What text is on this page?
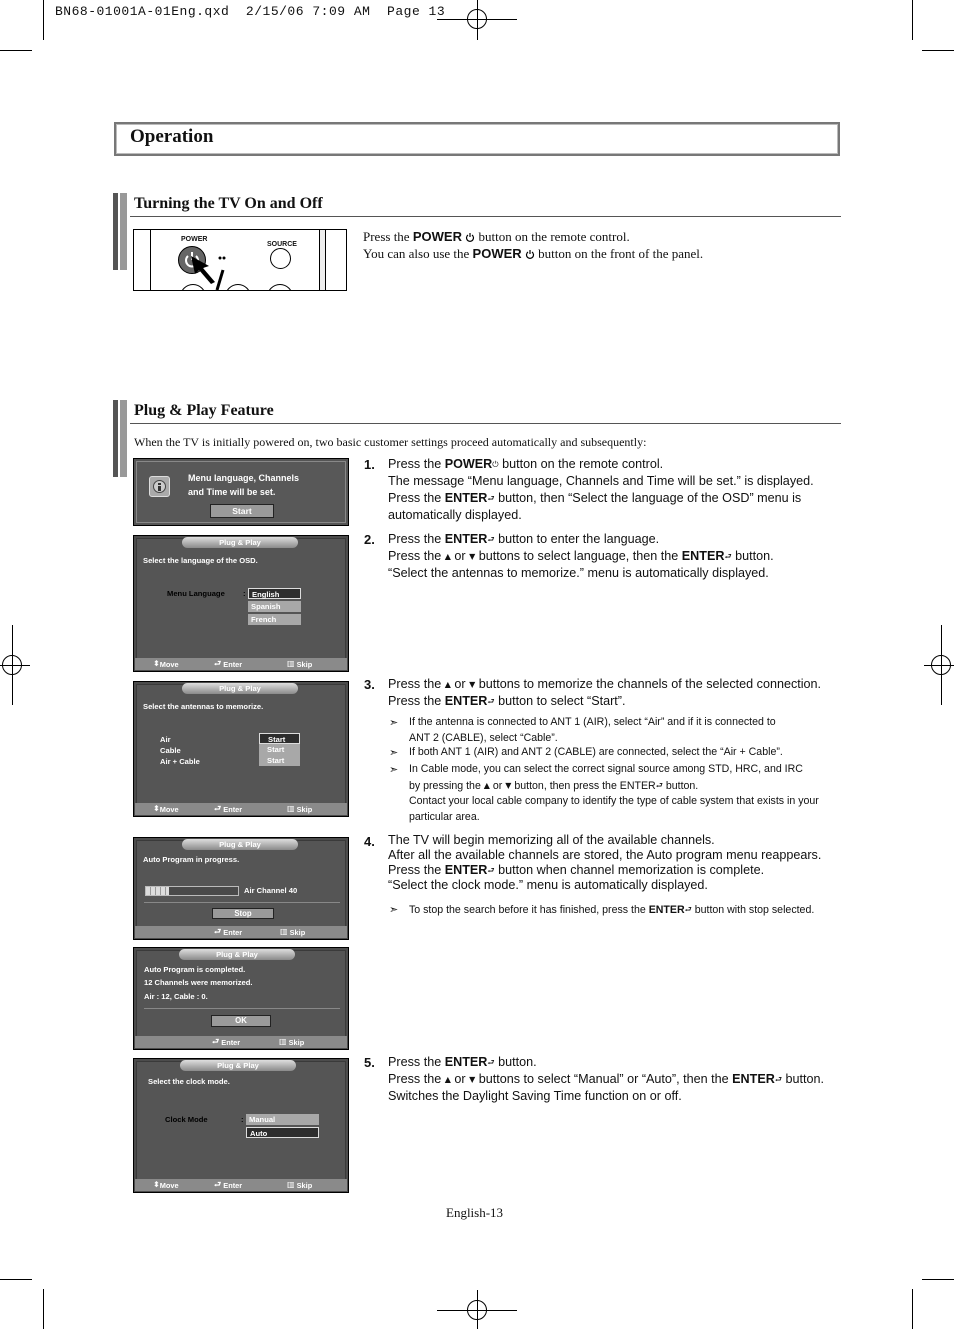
BN68-01001A-01Eng.qxd  2/15/06 7:09 AM  Page 13
Operation
Turning the TV On and Off
POWER
SOURCE
Press the POWER  button on the remote control.
You can also use the POWER  button on the front of the panel.
Plug & Play Feature
When the TV is initially powered on, two basic customer settings proceed automatically and subsequently:
Menu language, Channels
and Time will be set.
Start
Plug & Play
Select the language of the OSD.
Menu Language : English
Spanish
French
⬍Move	⮐ Enter	▥ Skip
Plug & Play
Select the antennas to memorize.
Air
Cable
Air + Cable
Start
Start
Start
⬍Move	⮐ Enter	▥ Skip
Plug & Play
Auto Program in progress.
Air Channel 40
Stop
⮐ Enter	▥ Skip
Plug & Play
Auto Program is completed.
12 Channels were memorized.
Air : 12, Cable : 0.
OK
⮐ Enter	▥ Skip
Plug & Play
Select the clock mode.
Clock Mode	: Manual
Auto
⬍Move	⮐ Enter	▥ Skip
1. Press the POWER⏻ button on the remote control.
The message “Menu language, Channels and Time will be set.” is displayed.
Press the ENTER⮐ button, then “Select the language of the OSD” menu is
automatically displayed.
2. Press the ENTER⮐ button to enter the language.
Press the ▲ or ▼ buttons to select language, then the ENTER⮐ button.
“Select the antennas to memorize.” menu is automatically displayed.
3. Press the ▲ or ▼ buttons to memorize the channels of the selected connection.
Press the ENTER⮐ button to select “Start”.
➣ If the antenna is connected to ANT 1 (AIR), select “Air” and if it is connected to
ANT 2 (CABLE), select “Cable”.
➣ If both ANT 1 (AIR) and ANT 2 (CABLE) are connected, select the “Air + Cable”.
➣ In Cable mode, you can select the correct signal source among STD, HRC, and IRC
by pressing the ▲ or ▼ button, then press the ENTER⮐ button.
Contact your local cable company to identify the type of cable system that exists in your
particular area.
4. The TV will begin memorizing all of the available channels.
After all the available channels are stored, the Auto program menu reappears.
Press the ENTER⮐ button when channel memorization is complete.
“Select the clock mode.” menu is automatically displayed.
➣ To stop the search before it has finished, press the ENTER⮐ button with stop selected.
5. Press the ENTER⮐ button.
Press the ▲ or ▼ buttons to select “Manual” or “Auto”, then the ENTER⮐ button.
Switches the Daylight Saving Time function on or off.
English-13
